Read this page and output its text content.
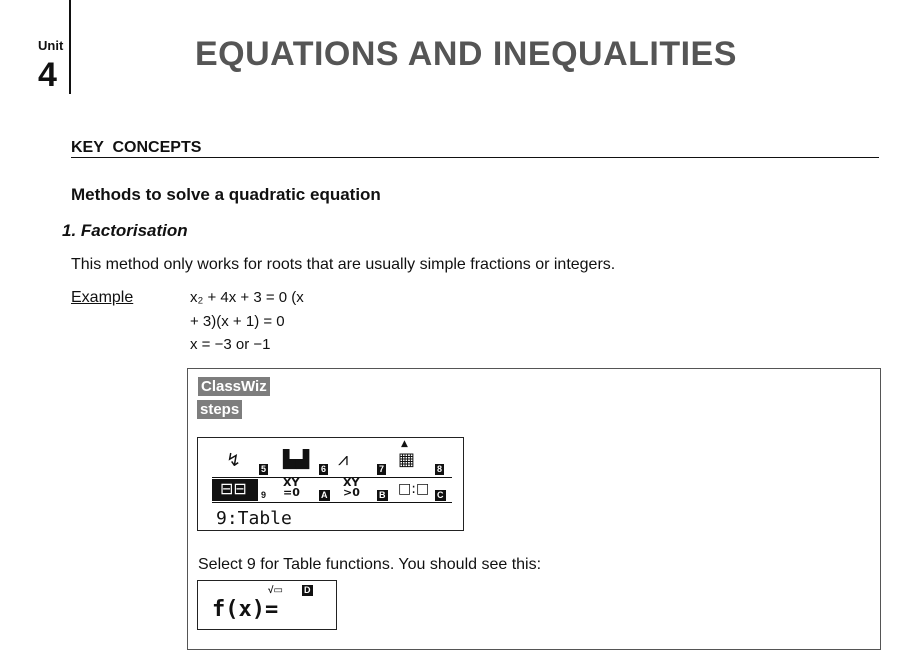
Unit
4
EQUATIONS AND INEQUALITIES
KEY  CONCEPTS
Methods to solve a quadratic equation
1. Factorisation
This method only works for roots that are usually simple fractions or integers.
Example	x₂ + 4x + 3 = 0 (x
+ 3)(x + 1) = 0
x = −3 or −1
ClassWiz
steps
▲
↯ 5 ▙▟ 6 ⩘	7 ▦ 8
⊟⊟ 9
XY
=0 A
XY
>0 B □:□ C
9:Table
Select 9 for Table functions. You should see this:
f(x)=
√▭ D
